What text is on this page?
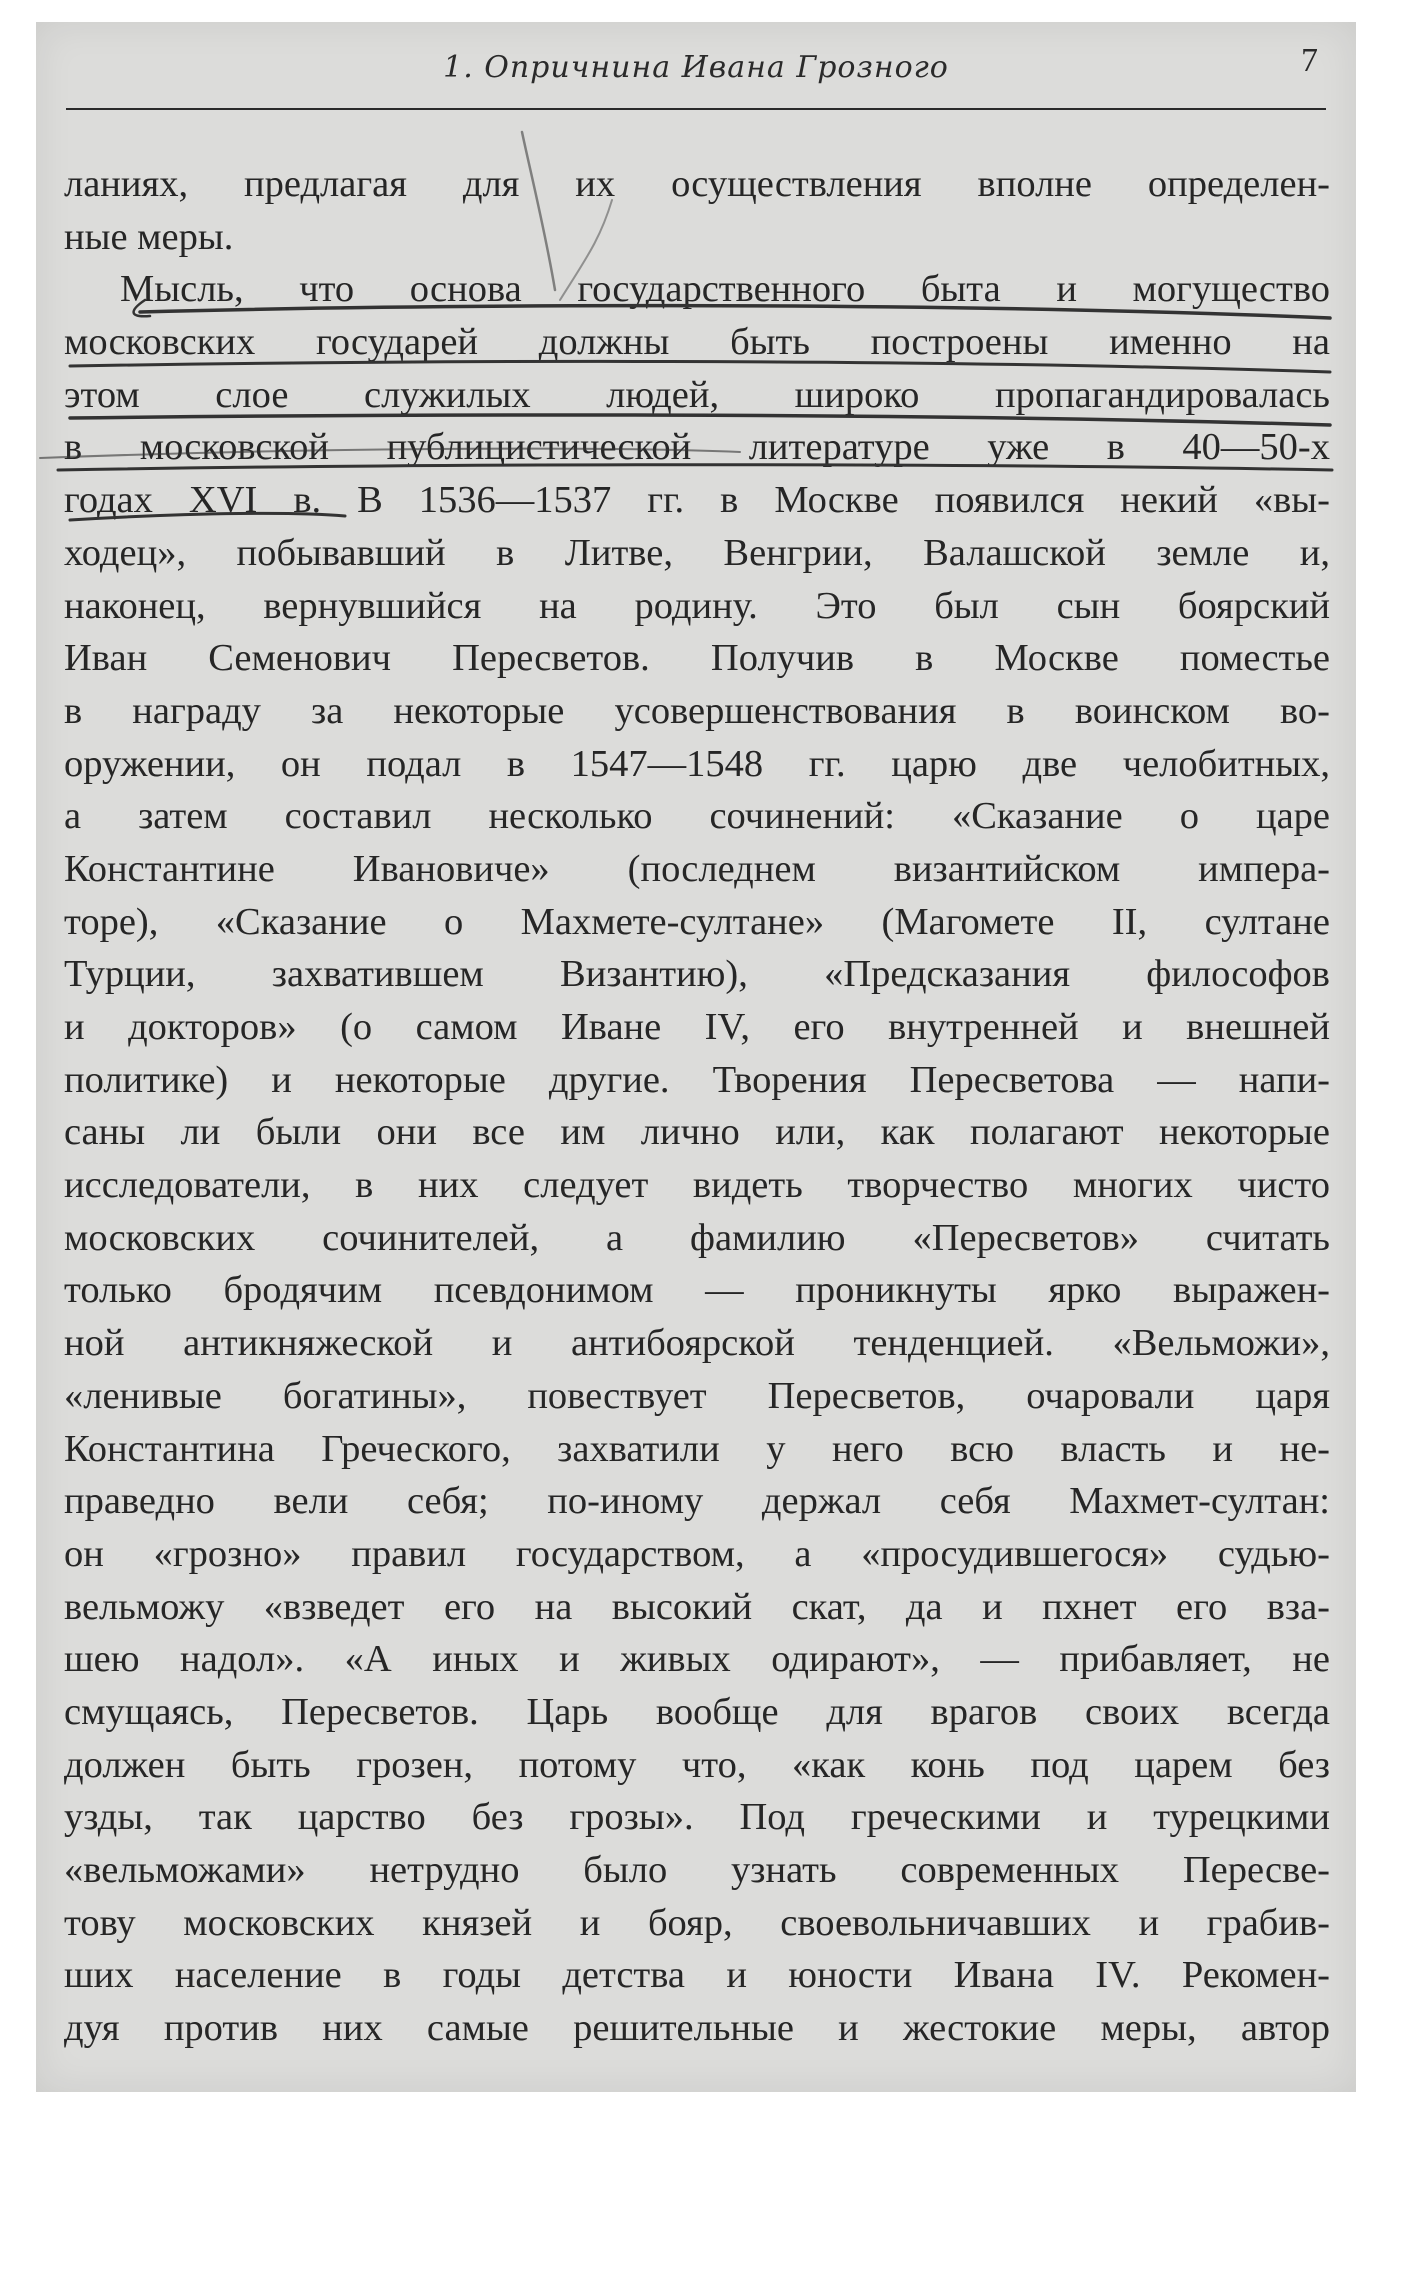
1. Опричнина Ивана Грозного	7
ланиях, предлагая для их осуществления вполне определен-
ные меры.
Мысль, что основа государственного быта и могущество
московских государей должны быть построены именно на
этом слое служилых людей, широко пропагандировалась
в московской публицистической литературе уже в 40—50-х
годах XVI в. В 1536—1537 гг. в Москве появился некий «вы-
ходец», побывавший в Литве, Венгрии, Валашской земле и,
наконец, вернувшийся на родину. Это был сын боярский
Иван Семенович Пересветов. Получив в Москве поместье
в награду за некоторые усовершенствования в воинском во-
оружении, он подал в 1547—1548 гг. царю две челобитных,
а затем составил несколько сочинений: «Сказание о царе
Константине Ивановиче» (последнем византийском импера-
торе), «Сказание о Махмете-султане» (Магомете II, султане
Турции, захватившем Византию), «Предсказания философов
и докторов» (о самом Иване IV, его внутренней и внешней
политике) и некоторые другие. Творения Пересветова — напи-
саны ли были они все им лично или, как полагают некоторые
исследователи, в них следует видеть творчество многих чисто
московских сочинителей, а фамилию «Пересветов» считать
только бродячим псевдонимом — проникнуты ярко выражен-
ной антикняжеской и антибоярской тенденцией. «Вельможи»,
«ленивые богатины», повествует Пересветов, очаровали царя
Константина Греческого, захватили у него всю власть и не-
праведно вели себя; по-иному держал себя Махмет-султан:
он «грозно» правил государством, а «просудившегося» судью-
вельможу «взведет его на высокий скат, да и пхнет его вза-
шею надол». «А иных и живых одирают», — прибавляет, не
смущаясь, Пересветов. Царь вообще для врагов своих всегда
должен быть грозен, потому что, «как конь под царем без
узды, так царство без грозы». Под греческими и турецкими
«вельможами» нетрудно было узнать современных Пересве-
тову московских князей и бояр, своевольничавших и грабив-
ших население в годы детства и юности Ивана IV. Рекомен-
дуя против них самые решительные и жестокие меры, автор
